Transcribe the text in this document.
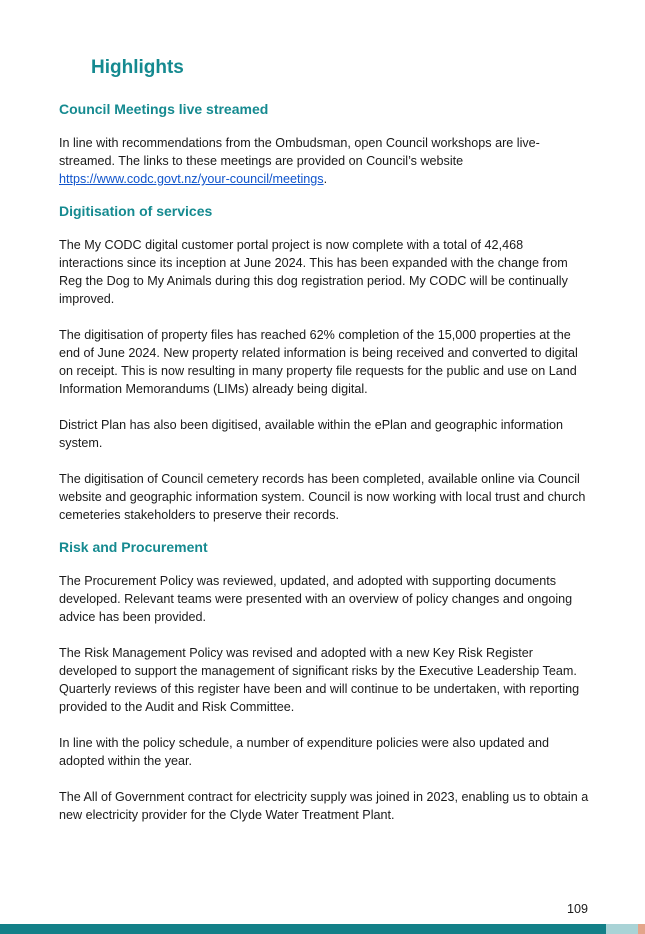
Highlights
Council Meetings live streamed

In line with recommendations from the Ombudsman, open Council workshops are live-streamed. The links to these meetings are provided on Council’s website https://www.codc.govt.nz/your-council/meetings.

Digitisation of services

The My CODC digital customer portal project is now complete with a total of 42,468 interactions since its inception at June 2024. This has been expanded with the change from Reg the Dog to My Animals during this dog registration period. My CODC will be continually improved.

The digitisation of property files has reached 62% completion of the 15,000 properties at the end of June 2024. New property related information is being received and converted to digital on receipt. This is now resulting in many property file requests for the public and use on Land Information Memorandums (LIMs) already being digital.

District Plan has also been digitised, available within the ePlan and geographic information system.

The digitisation of Council cemetery records has been completed, available online via Council website and geographic information system. Council is now working with local trust and church cemeteries stakeholders to preserve their records.

Risk and Procurement

The Procurement Policy was reviewed, updated, and adopted with supporting documents developed. Relevant teams were presented with an overview of policy changes and ongoing advice has been provided.

The Risk Management Policy was revised and adopted with a new Key Risk Register developed to support the management of significant risks by the Executive Leadership Team. Quarterly reviews of this register have been and will continue to be undertaken, with reporting provided to the Audit and Risk Committee.

In line with the policy schedule, a number of expenditure policies were also updated and adopted within the year.

The All of Government contract for electricity supply was joined in 2023, enabling us to obtain a new electricity provider for the Clyde Water Treatment Plant.

109
